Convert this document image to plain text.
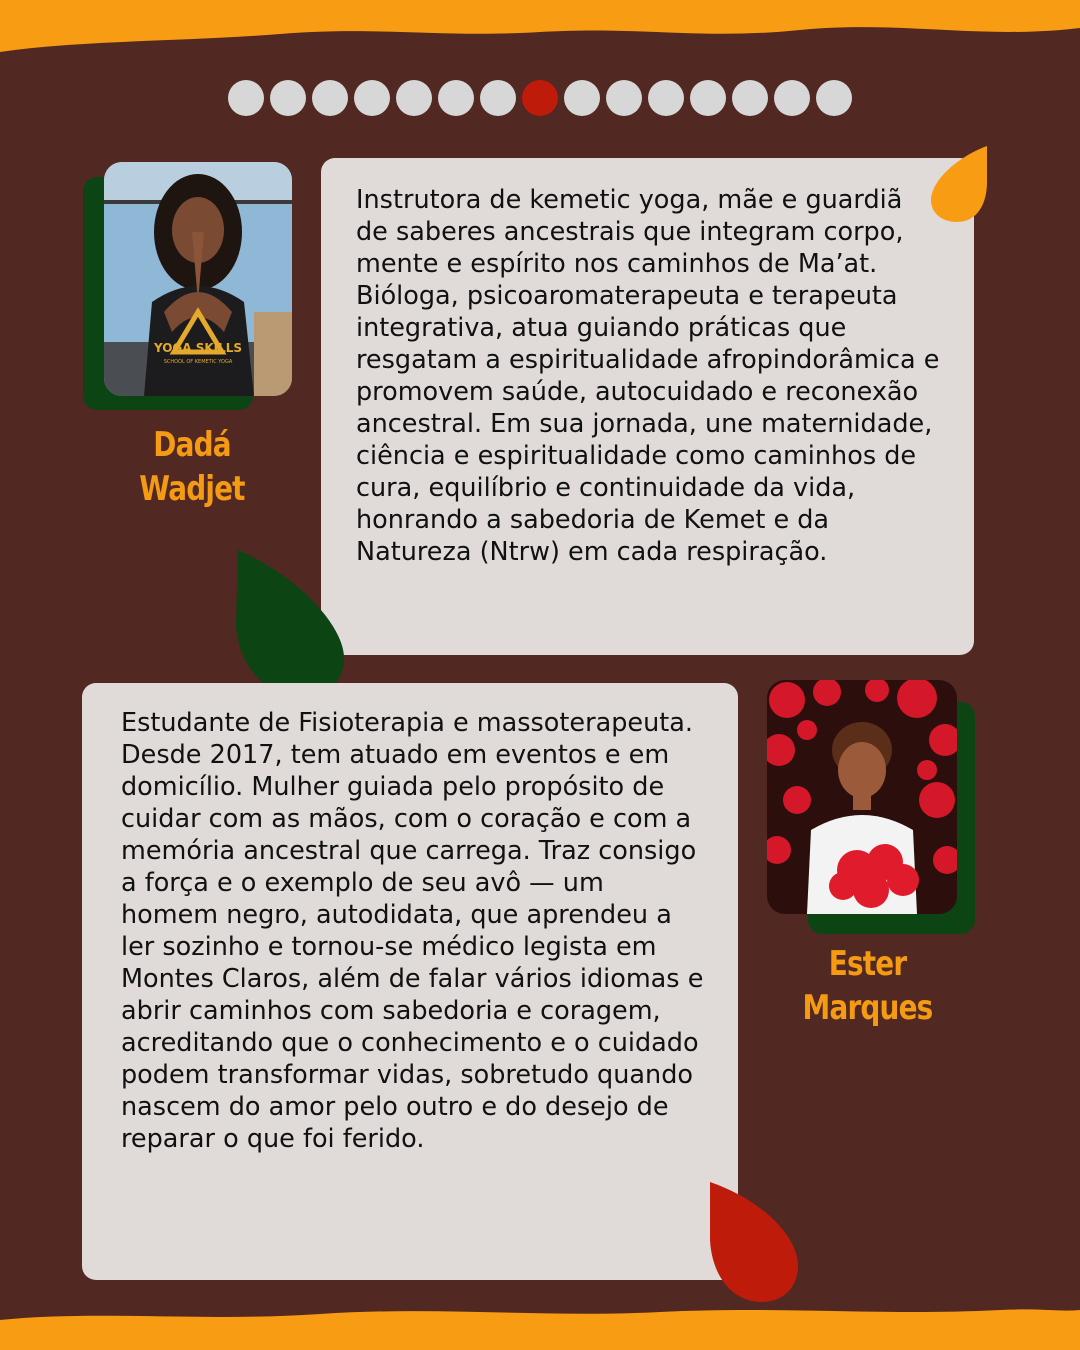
YOGA SKILLS
SCHOOL OF KEMETIC YOGA
Dadá
Wadjet

Instrutora de kemetic yoga, mãe e guardiã de saberes ancestrais que integram corpo, mente e espírito nos caminhos de Ma’at. Bióloga, psicoaromaterapeuta e terapeuta integrativa, atua guiando práticas que resgatam a espiritualidade afropindorâmica e promovem saúde, autocuidado e reconexão ancestral. Em sua jornada, une maternidade, ciência e espiritualidade como caminhos de cura, equilíbrio e continuidade da vida, honrando a sabedoria de Kemet e da Natureza (Ntrw) em cada respiração.

Estudante de Fisioterapia e massoterapeuta. Desde 2017, tem atuado em eventos e em domicílio. Mulher guiada pelo propósito de cuidar com as mãos, com o coração e com a memória ancestral que carrega. Traz consigo a força e o exemplo de seu avô — um homem negro, autodidata, que aprendeu a ler sozinho e tornou-se médico legista em Montes Claros, além de falar vários idiomas e abrir caminhos com sabedoria e coragem, acreditando que o conhecimento e o cuidado podem transformar vidas, sobretudo quando nascem do amor pelo outro e do desejo de reparar o que foi ferido.

Ester
Marques
